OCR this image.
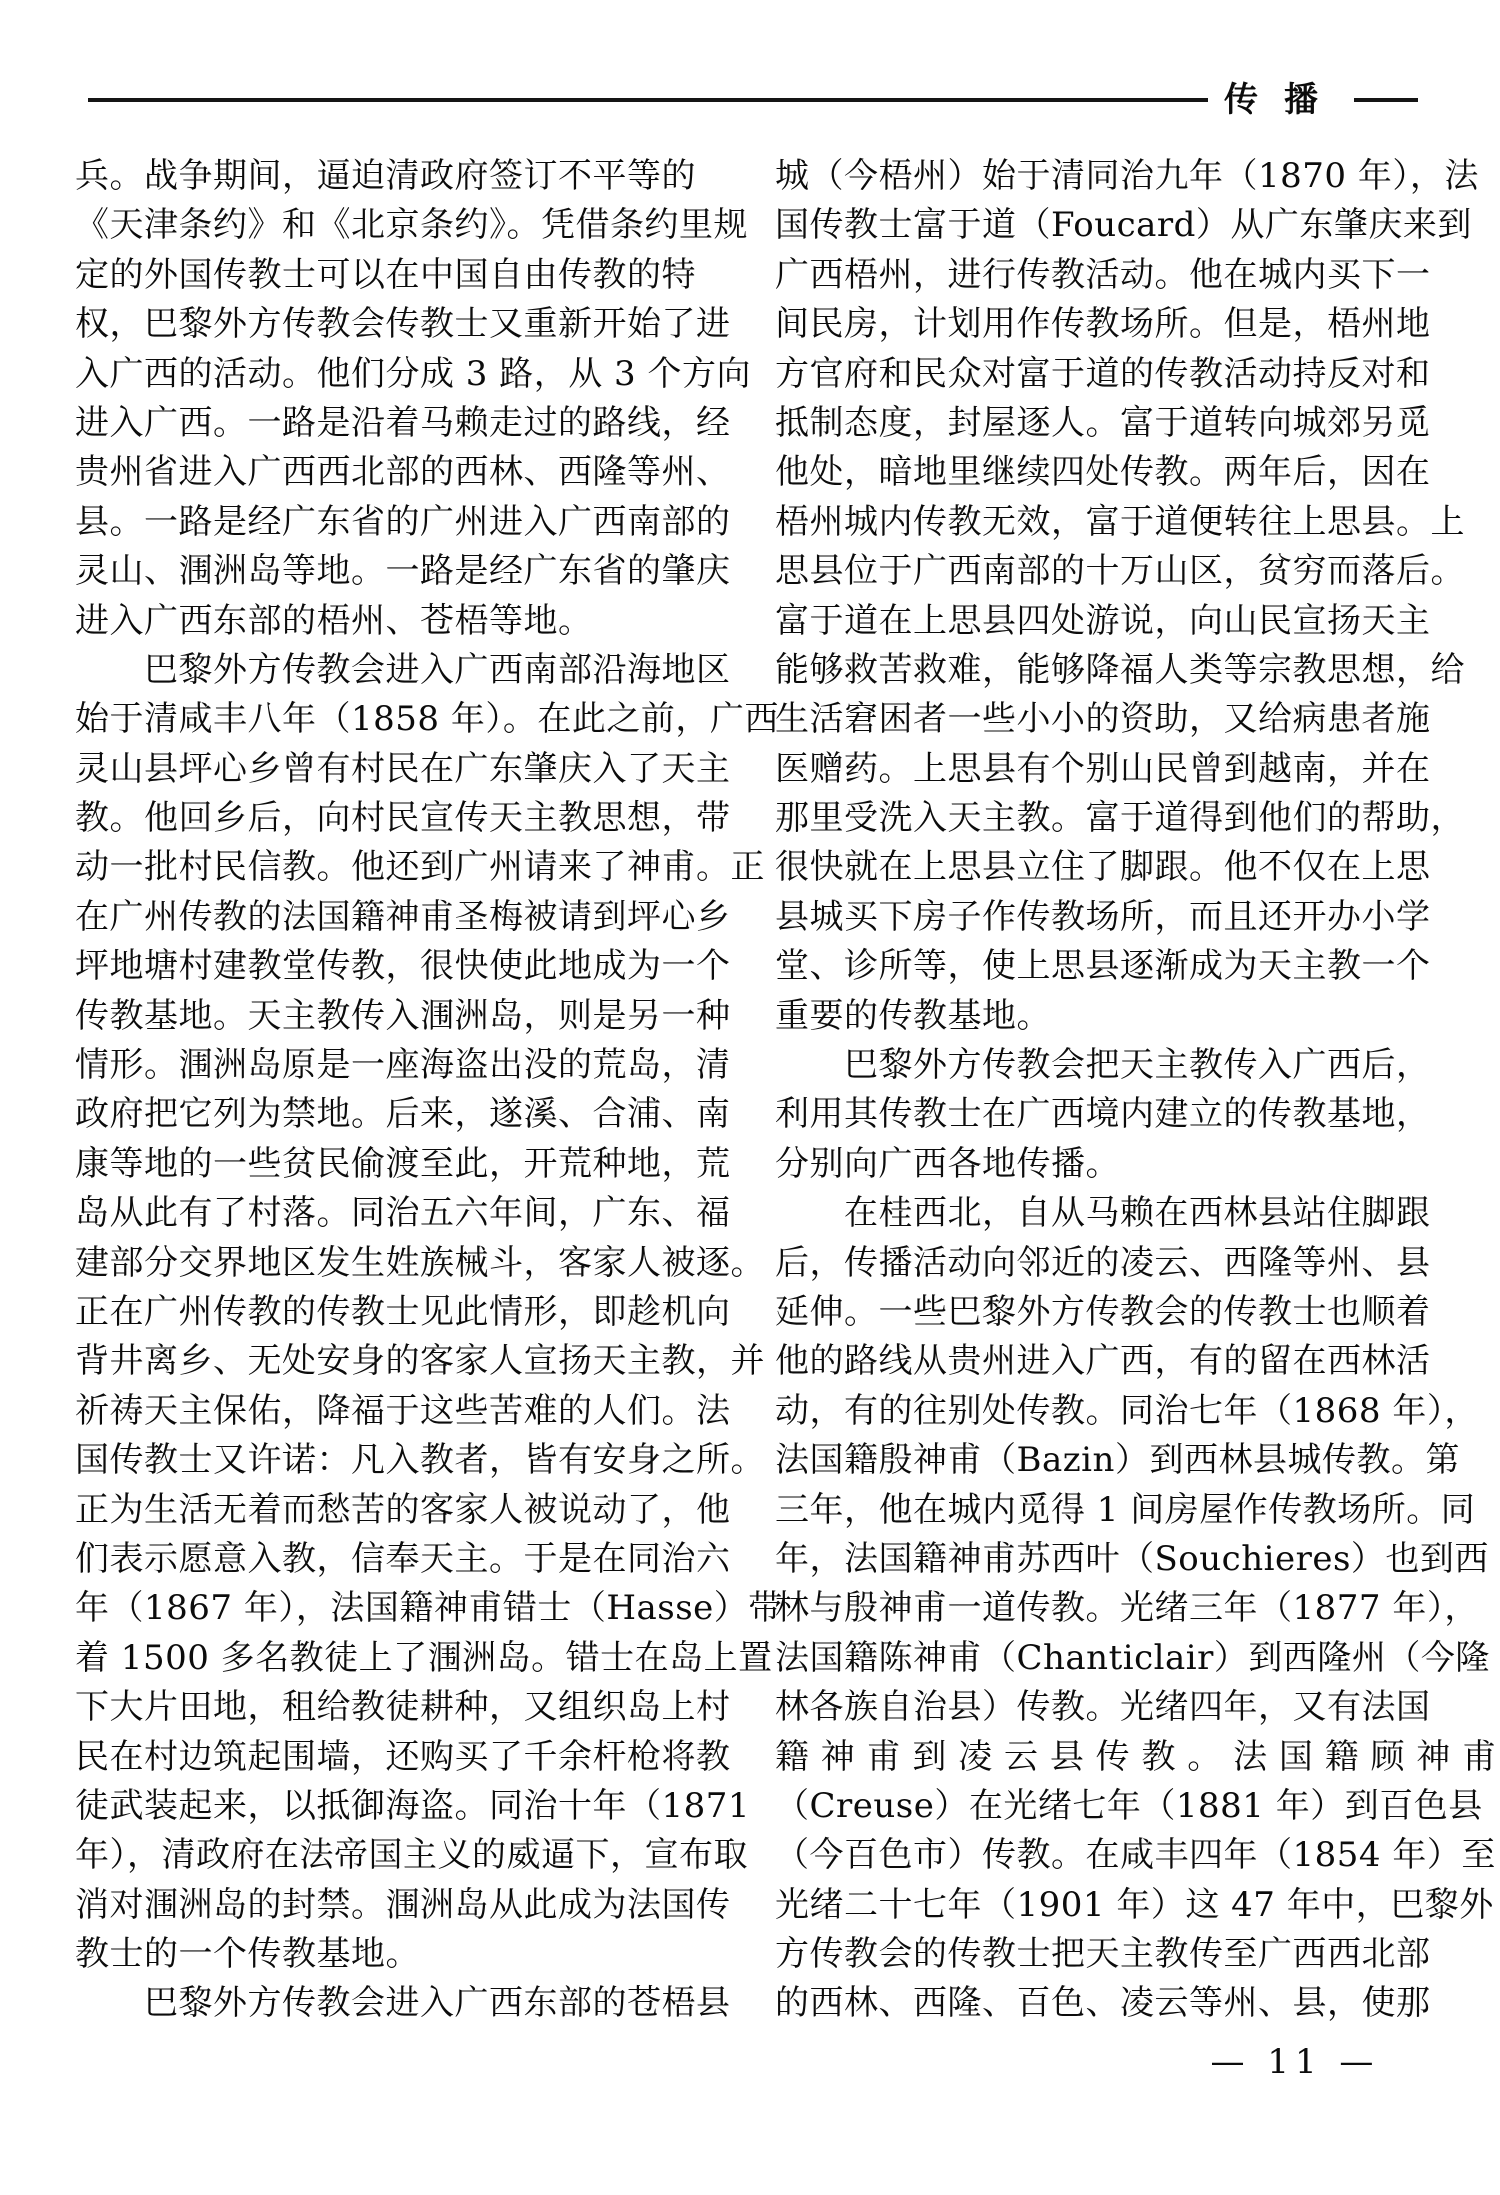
传播
兵。战争期间，逼迫清政府签订不平等的
《天津条约》和《北京条约》。凭借条约里规
定的外国传教士可以在中国自由传教的特
权，巴黎外方传教会传教士又重新开始了进
入广西的活动。他们分成 3 路，从 3 个方向
进入广西。一路是沿着马赖走过的路线，经
贵州省进入广西西北部的西林、西隆等州、
县。一路是经广东省的广州进入广西南部的
灵山、涠洲岛等地。一路是经广东省的肇庆
进入广西东部的梧州、苍梧等地。
　　巴黎外方传教会进入广西南部沿海地区
始于清咸丰八年（1858 年）。在此之前，广西
灵山县坪心乡曾有村民在广东肇庆入了天主
教。他回乡后，向村民宣传天主教思想，带
动一批村民信教。他还到广州请来了神甫。正
在广州传教的法国籍神甫圣梅被请到坪心乡
坪地塘村建教堂传教，很快使此地成为一个
传教基地。天主教传入涠洲岛，则是另一种
情形。涠洲岛原是一座海盗出没的荒岛，清
政府把它列为禁地。后来，遂溪、合浦、南
康等地的一些贫民偷渡至此，开荒种地，荒
岛从此有了村落。同治五六年间，广东、福
建部分交界地区发生姓族械斗，客家人被逐。
正在广州传教的传教士见此情形，即趁机向
背井离乡、无处安身的客家人宣扬天主教，并
祈祷天主保佑，降福于这些苦难的人们。法
国传教士又许诺：凡入教者，皆有安身之所。
正为生活无着而愁苦的客家人被说动了，他
们表示愿意入教，信奉天主。于是在同治六
年（1867 年），法国籍神甫错士（Hasse）带
着 1500 多名教徒上了涠洲岛。错士在岛上置
下大片田地，租给教徒耕种，又组织岛上村
民在村边筑起围墙，还购买了千余杆枪将教
徒武装起来，以抵御海盗。同治十年（1871
年），清政府在法帝国主义的威逼下，宣布取
消对涠洲岛的封禁。涠洲岛从此成为法国传
教士的一个传教基地。
　　巴黎外方传教会进入广西东部的苍梧县
城（今梧州）始于清同治九年（1870 年），法
国传教士富于道（Foucard）从广东肇庆来到
广西梧州，进行传教活动。他在城内买下一
间民房，计划用作传教场所。但是，梧州地
方官府和民众对富于道的传教活动持反对和
抵制态度，封屋逐人。富于道转向城郊另觅
他处，暗地里继续四处传教。两年后，因在
梧州城内传教无效，富于道便转往上思县。上
思县位于广西南部的十万山区，贫穷而落后。
富于道在上思县四处游说，向山民宣扬天主
能够救苦救难，能够降福人类等宗教思想，给
生活窘困者一些小小的资助，又给病患者施
医赠药。上思县有个别山民曾到越南，并在
那里受洗入天主教。富于道得到他们的帮助，
很快就在上思县立住了脚跟。他不仅在上思
县城买下房子作传教场所，而且还开办小学
堂、诊所等，使上思县逐渐成为天主教一个
重要的传教基地。
　　巴黎外方传教会把天主教传入广西后，
利用其传教士在广西境内建立的传教基地，
分别向广西各地传播。
　　在桂西北，自从马赖在西林县站住脚跟
后，传播活动向邻近的凌云、西隆等州、县
延伸。一些巴黎外方传教会的传教士也顺着
他的路线从贵州进入广西，有的留在西林活
动，有的往别处传教。同治七年（1868 年），
法国籍殷神甫（Bazin）到西林县城传教。第
三年，他在城内觅得 1 间房屋作传教场所。同
年，法国籍神甫苏西叶（Souchieres）也到西
林与殷神甫一道传教。光绪三年（1877 年），
法国籍陈神甫（Chanticlair）到西隆州（今隆
林各族自治县）传教。光绪四年，又有法国
籍 神 甫 到 凌 云 县 传 教 。 法 国 籍 顾 神 甫
（Creuse）在光绪七年（1881 年）到百色县
（今百色市）传教。在咸丰四年（1854 年）至
光绪二十七年（1901 年）这 47 年中，巴黎外
方传教会的传教士把天主教传至广西西北部
的西林、西隆、百色、凌云等州、县，使那
— 11 —
